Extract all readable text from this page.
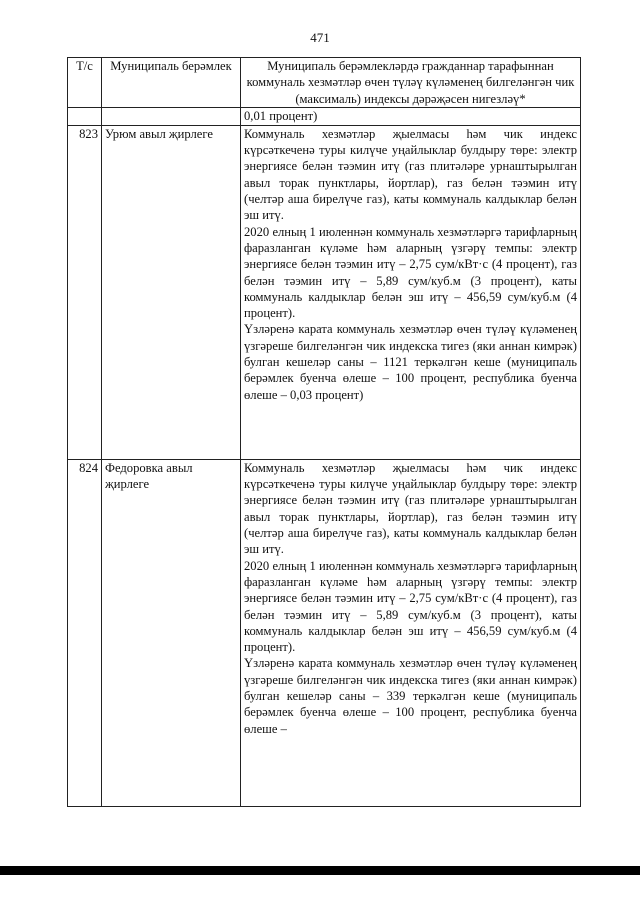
471
Т/с	Муниципаль берәмлек	Муниципаль берәмлекләрдә гражданнар тарафыннан коммуналь хезмәтләр өчен түләү күләменең билгеләнгән чик (максималь) индексы дәрәҗәсен нигезләү*
		0,01 процент)
823	Урюм авыл җирлеге	Коммуналь хезмәтләр җыелмасы һәм чик индекс күрсәткеченә туры килүче уңайлыклар булдыру төре: электр энергиясе белән тәэмин итү (газ плитәләре урнаштырылган авыл торак пунктлары, йортлар), газ белән тәэмин итү (челтәр аша бирелүче газ), каты коммуналь калдыклар белән эш итү.

2020 елның 1 июленнән коммуналь хезмәтләргә тарифларның фаразланган күләме һәм аларның үзгәрү темпы: электр энергиясе белән тәэмин итү – 2,75 сум/кВт·с (4 процент), газ белән тәэмин итү – 5,89 сум/куб.м (3 процент), каты коммуналь калдыклар белән эш итү – 456,59 сум/куб.м (4 процент).

Үзләренә карата коммуналь хезмәтләр өчен түләү күләменең үзгәреше билгеләнгән чик индекска тигез (яки аннан кимрәк) булган кешеләр саны – 1121 теркәлгән кеше (муниципаль берәмлек буенча өлеше – 100 процент, республика буенча өлеше – 0,03 процент)

824	Федоровка авыл җирлеге	Коммуналь хезмәтләр җыелмасы һәм чик индекс күрсәткеченә туры килүче уңайлыклар булдыру төре: электр энергиясе белән тәэмин итү (газ плитәләре урнаштырылган авыл торак пунктлары, йортлар), газ белән тәэмин итү (челтәр аша бирелүче газ), каты коммуналь калдыклар белән эш итү.

2020 елның 1 июленнән коммуналь хезмәтләргә тарифларның фаразланган күләме һәм аларның үзгәрү темпы: электр энергиясе белән тәэмин итү – 2,75 сум/кВт·с (4 процент), газ белән тәэмин итү – 5,89 сум/куб.м (3 процент), каты коммуналь калдыклар белән эш итү – 456,59 сум/куб.м (4 процент).

Үзләренә карата коммуналь хезмәтләр өчен түләү күләменең үзгәреше билгеләнгән чик индекска тигез (яки аннан кимрәк) булган кешеләр саны – 339 теркәлгән кеше (муниципаль берәмлек буенча өлеше – 100 процент, республика буенча өлеше –
